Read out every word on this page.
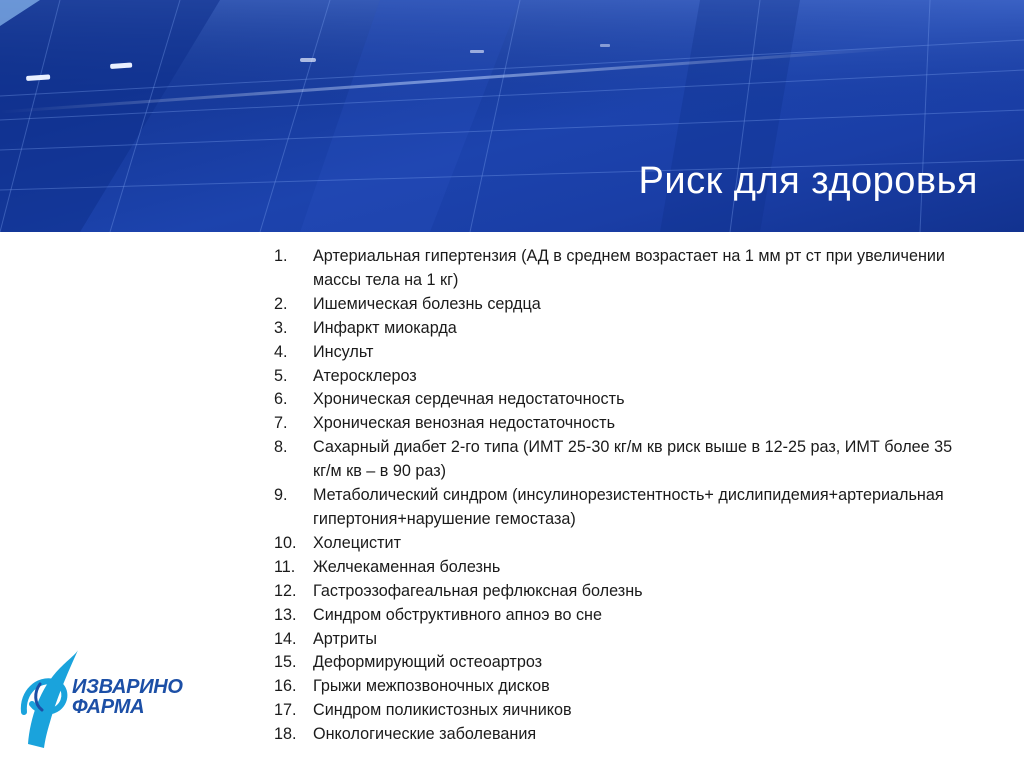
Риск для здоровья
1. Артериальная гипертензия (АД в среднем возрастает на 1 мм рт ст при увеличении массы тела на 1 кг)
2. Ишемическая болезнь сердца
3. Инфаркт миокарда
4. Инсульт
5. Атеросклероз
6. Хроническая сердечная недостаточность
7. Хроническая венозная недостаточность
8. Сахарный диабет 2-го типа (ИМТ 25-30 кг/м кв риск выше в 12-25 раз, ИМТ более 35 кг/м кв – в 90 раз)
9. Метаболический синдром (инсулинорезистентность+ дислипидемия+артериальная гипертония+нарушение гемостаза)
10. Холецистит
11. Желчекаменная болезнь
12. Гастроэзофагеальная рефлюксная болезнь
13. Синдром обструктивного апноэ во сне
14. Артриты
15. Деформирующий остеоартроз
16. Грыжи межпозвоночных дисков
17. Синдром поликистозных яичников
18. Онкологические заболевания
ИЗВАРИНО
ФАРМА
